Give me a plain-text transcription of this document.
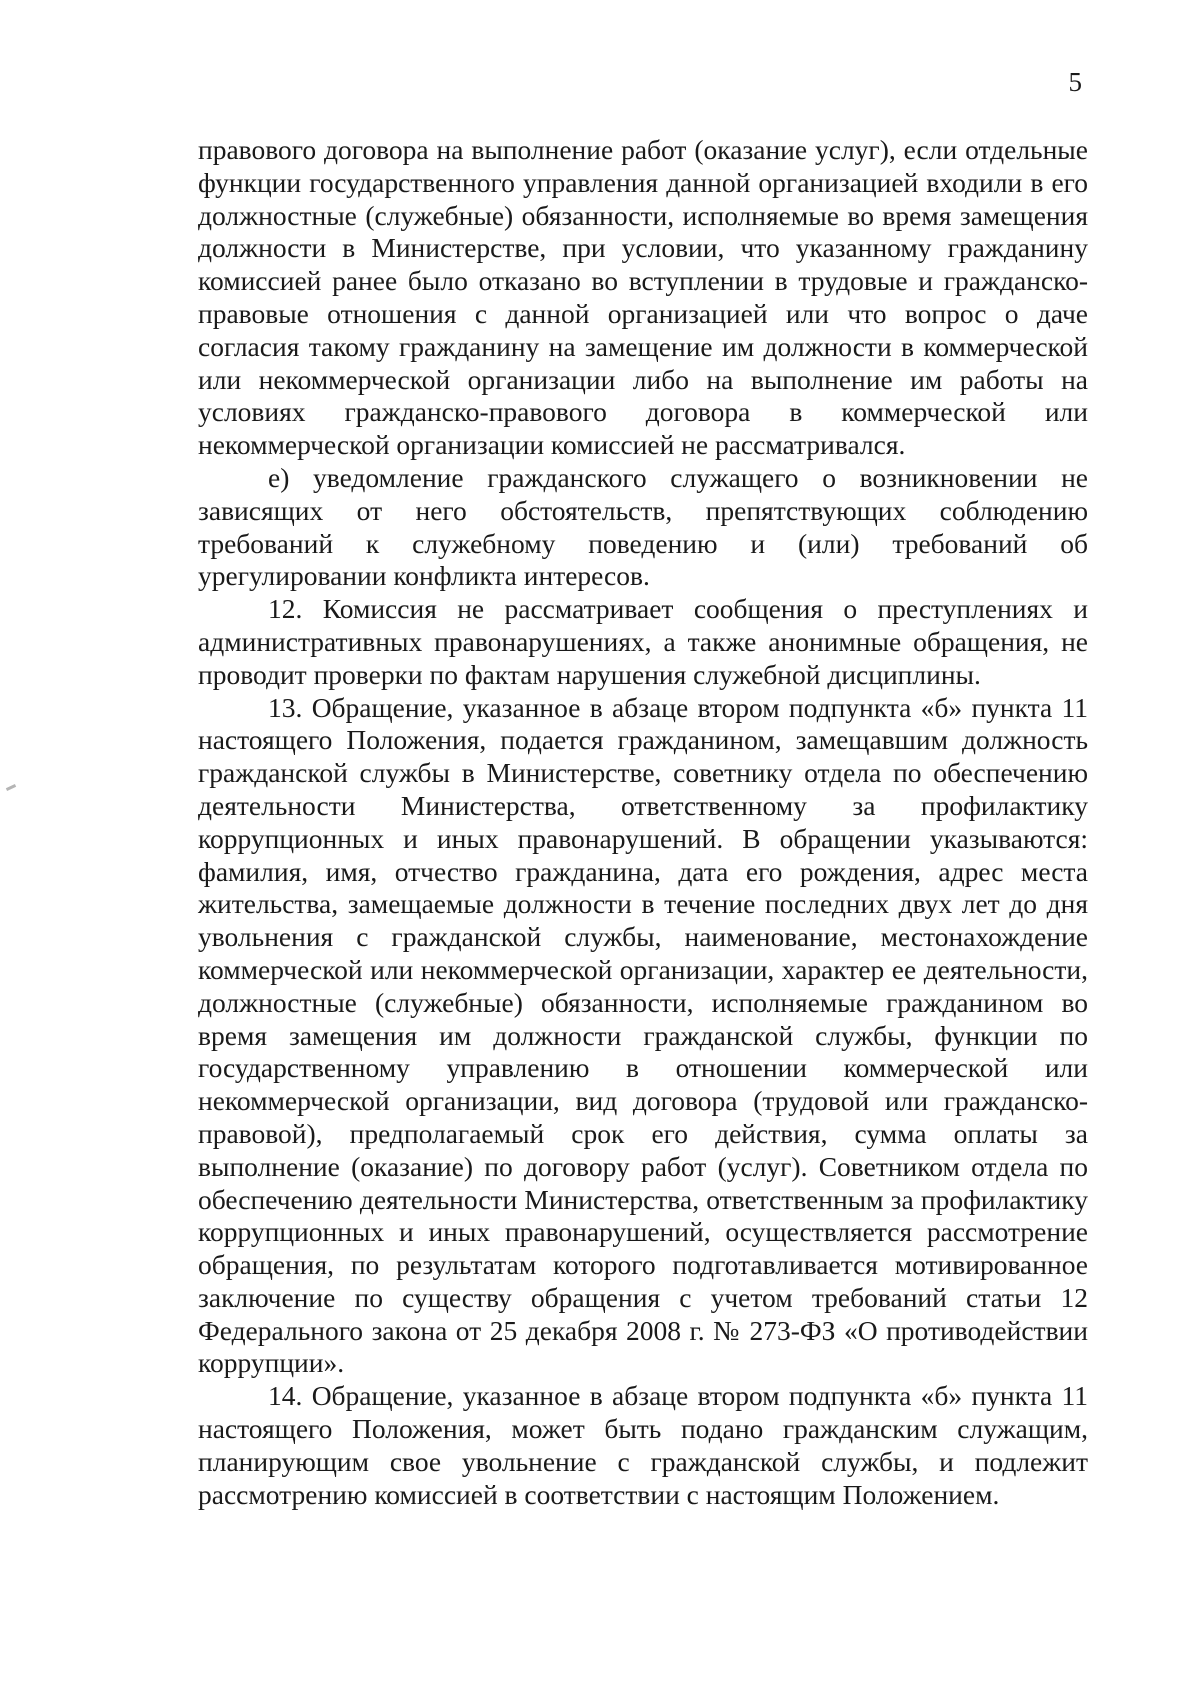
5

правового договора на выполнение работ (оказание услуг), если отдельные функции государственного управления данной организацией входили в его должностные (служебные) обязанности, исполняемые во время замещения должности в Министерстве, при условии, что указанному гражданину комиссией ранее было отказано во вступлении в трудовые и гражданско-правовые отношения с данной организацией или что вопрос о даче согласия такому гражданину на замещение им должности в коммерческой или некоммерческой организации либо на выполнение им работы на условиях гражданско-правового договора в коммерческой или некоммерческой организации комиссией не рассматривался.

е) уведомление гражданского служащего о возникновении не зависящих от него обстоятельств, препятствующих соблюдению требований к служебному поведению и (или) требований об урегулировании конфликта интересов.

12. Комиссия не рассматривает сообщения о преступлениях и административных правонарушениях, а также анонимные обращения, не проводит проверки по фактам нарушения служебной дисциплины.

13. Обращение, указанное в абзаце втором подпункта «б» пункта 11 настоящего Положения, подается гражданином, замещавшим должность гражданской службы в Министерстве, советнику отдела по обеспечению деятельности Министерства, ответственному за профилактику коррупционных и иных правонарушений. В обращении указываются: фамилия, имя, отчество гражданина, дата его рождения, адрес места жительства, замещаемые должности в течение последних двух лет до дня увольнения с гражданской службы, наименование, местонахождение коммерческой или некоммерческой организации, характер ее деятельности, должностные (служебные) обязанности, исполняемые гражданином во время замещения им должности гражданской службы, функции по государственному управлению в отношении коммерческой или некоммерческой организации, вид договора (трудовой или гражданско-правовой), предполагаемый срок его действия, сумма оплаты за выполнение (оказание) по договору работ (услуг). Советником отдела по обеспечению деятельности Министерства, ответственным за профилактику коррупционных и иных правонарушений, осуществляется рассмотрение обращения, по результатам которого подготавливается мотивированное заключение по существу обращения с учетом требований статьи 12 Федерального закона от 25 декабря 2008 г. № 273-ФЗ «О противодействии коррупции».

14. Обращение, указанное в абзаце втором подпункта «б» пункта 11 настоящего Положения, может быть подано гражданским служащим, планирующим свое увольнение с гражданской службы, и подлежит рассмотрению комиссией в соответствии с настоящим Положением.
